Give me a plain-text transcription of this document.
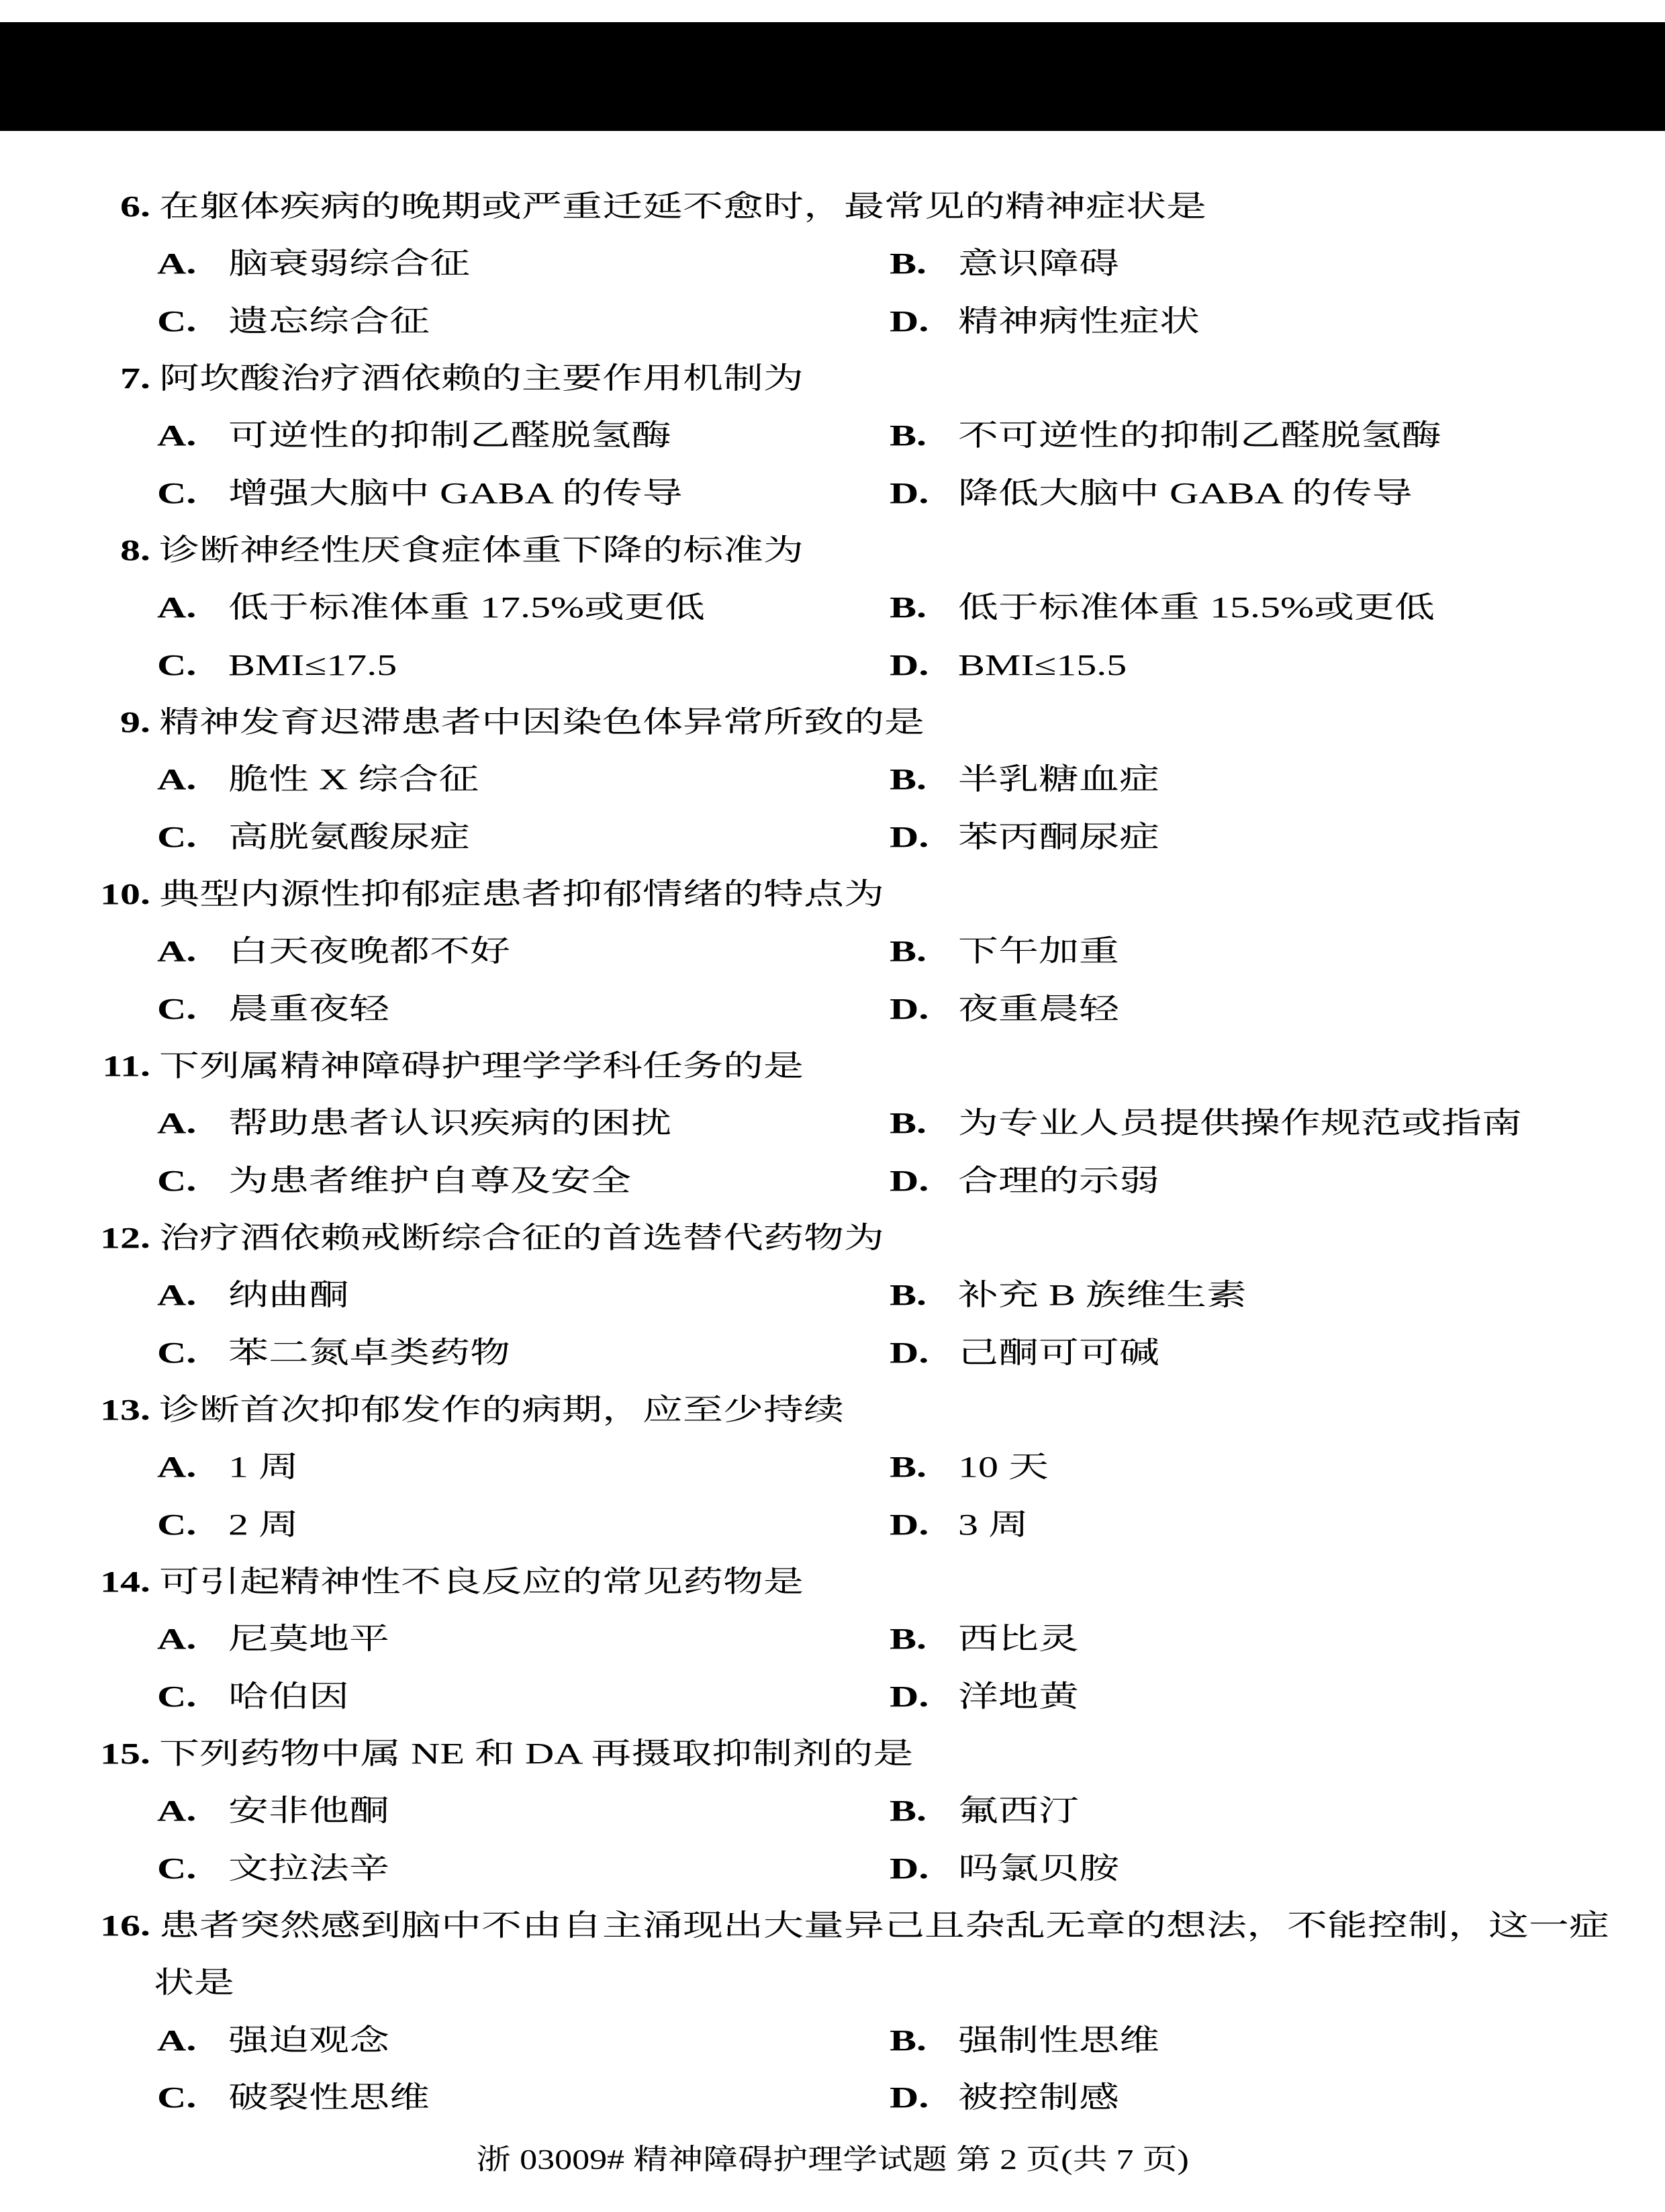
6. 在躯体疾病的晚期或严重迁延不愈时，最常见的精神症状是
A. 脑衰弱综合征	B. 意识障碍
C. 遗忘综合征	D. 精神病性症状
7. 阿坎酸治疗酒依赖的主要作用机制为
A. 可逆性的抑制乙醛脱氢酶	B. 不可逆性的抑制乙醛脱氢酶
C. 增强大脑中 GABA 的传导	D. 降低大脑中 GABA 的传导
8. 诊断神经性厌食症体重下降的标准为
A. 低于标准体重 17.5%或更低	B. 低于标准体重 15.5%或更低
C. BMI≤17.5	D. BMI≤15.5
9. 精神发育迟滞患者中因染色体异常所致的是
A. 脆性 X 综合征	B. 半乳糖血症
C. 高胱氨酸尿症	D. 苯丙酮尿症
10. 典型内源性抑郁症患者抑郁情绪的特点为
A. 白天夜晚都不好	B. 下午加重
C. 晨重夜轻	D. 夜重晨轻
11. 下列属精神障碍护理学学科任务的是
A. 帮助患者认识疾病的困扰	B. 为专业人员提供操作规范或指南
C. 为患者维护自尊及安全	D. 合理的示弱
12. 治疗酒依赖戒断综合征的首选替代药物为
A. 纳曲酮	B. 补充 B 族维生素
C. 苯二氮卓类药物	D. 己酮可可碱
13. 诊断首次抑郁发作的病期，应至少持续
A. 1 周	B. 10 天
C. 2 周	D. 3 周
14. 可引起精神性不良反应的常见药物是
A. 尼莫地平	B. 西比灵
C. 哈伯因	D. 洋地黄
15. 下列药物中属 NE 和 DA 再摄取抑制剂的是
A. 安非他酮	B. 氟西汀
C. 文拉法辛	D. 吗氯贝胺
16. 患者突然感到脑中不由自主涌现出大量异己且杂乱无章的想法，不能控制，这一症
状是
A. 强迫观念	B. 强制性思维
C. 破裂性思维	D. 被控制感
浙 03009# 精神障碍护理学试题 第 2 页(共 7 页)
